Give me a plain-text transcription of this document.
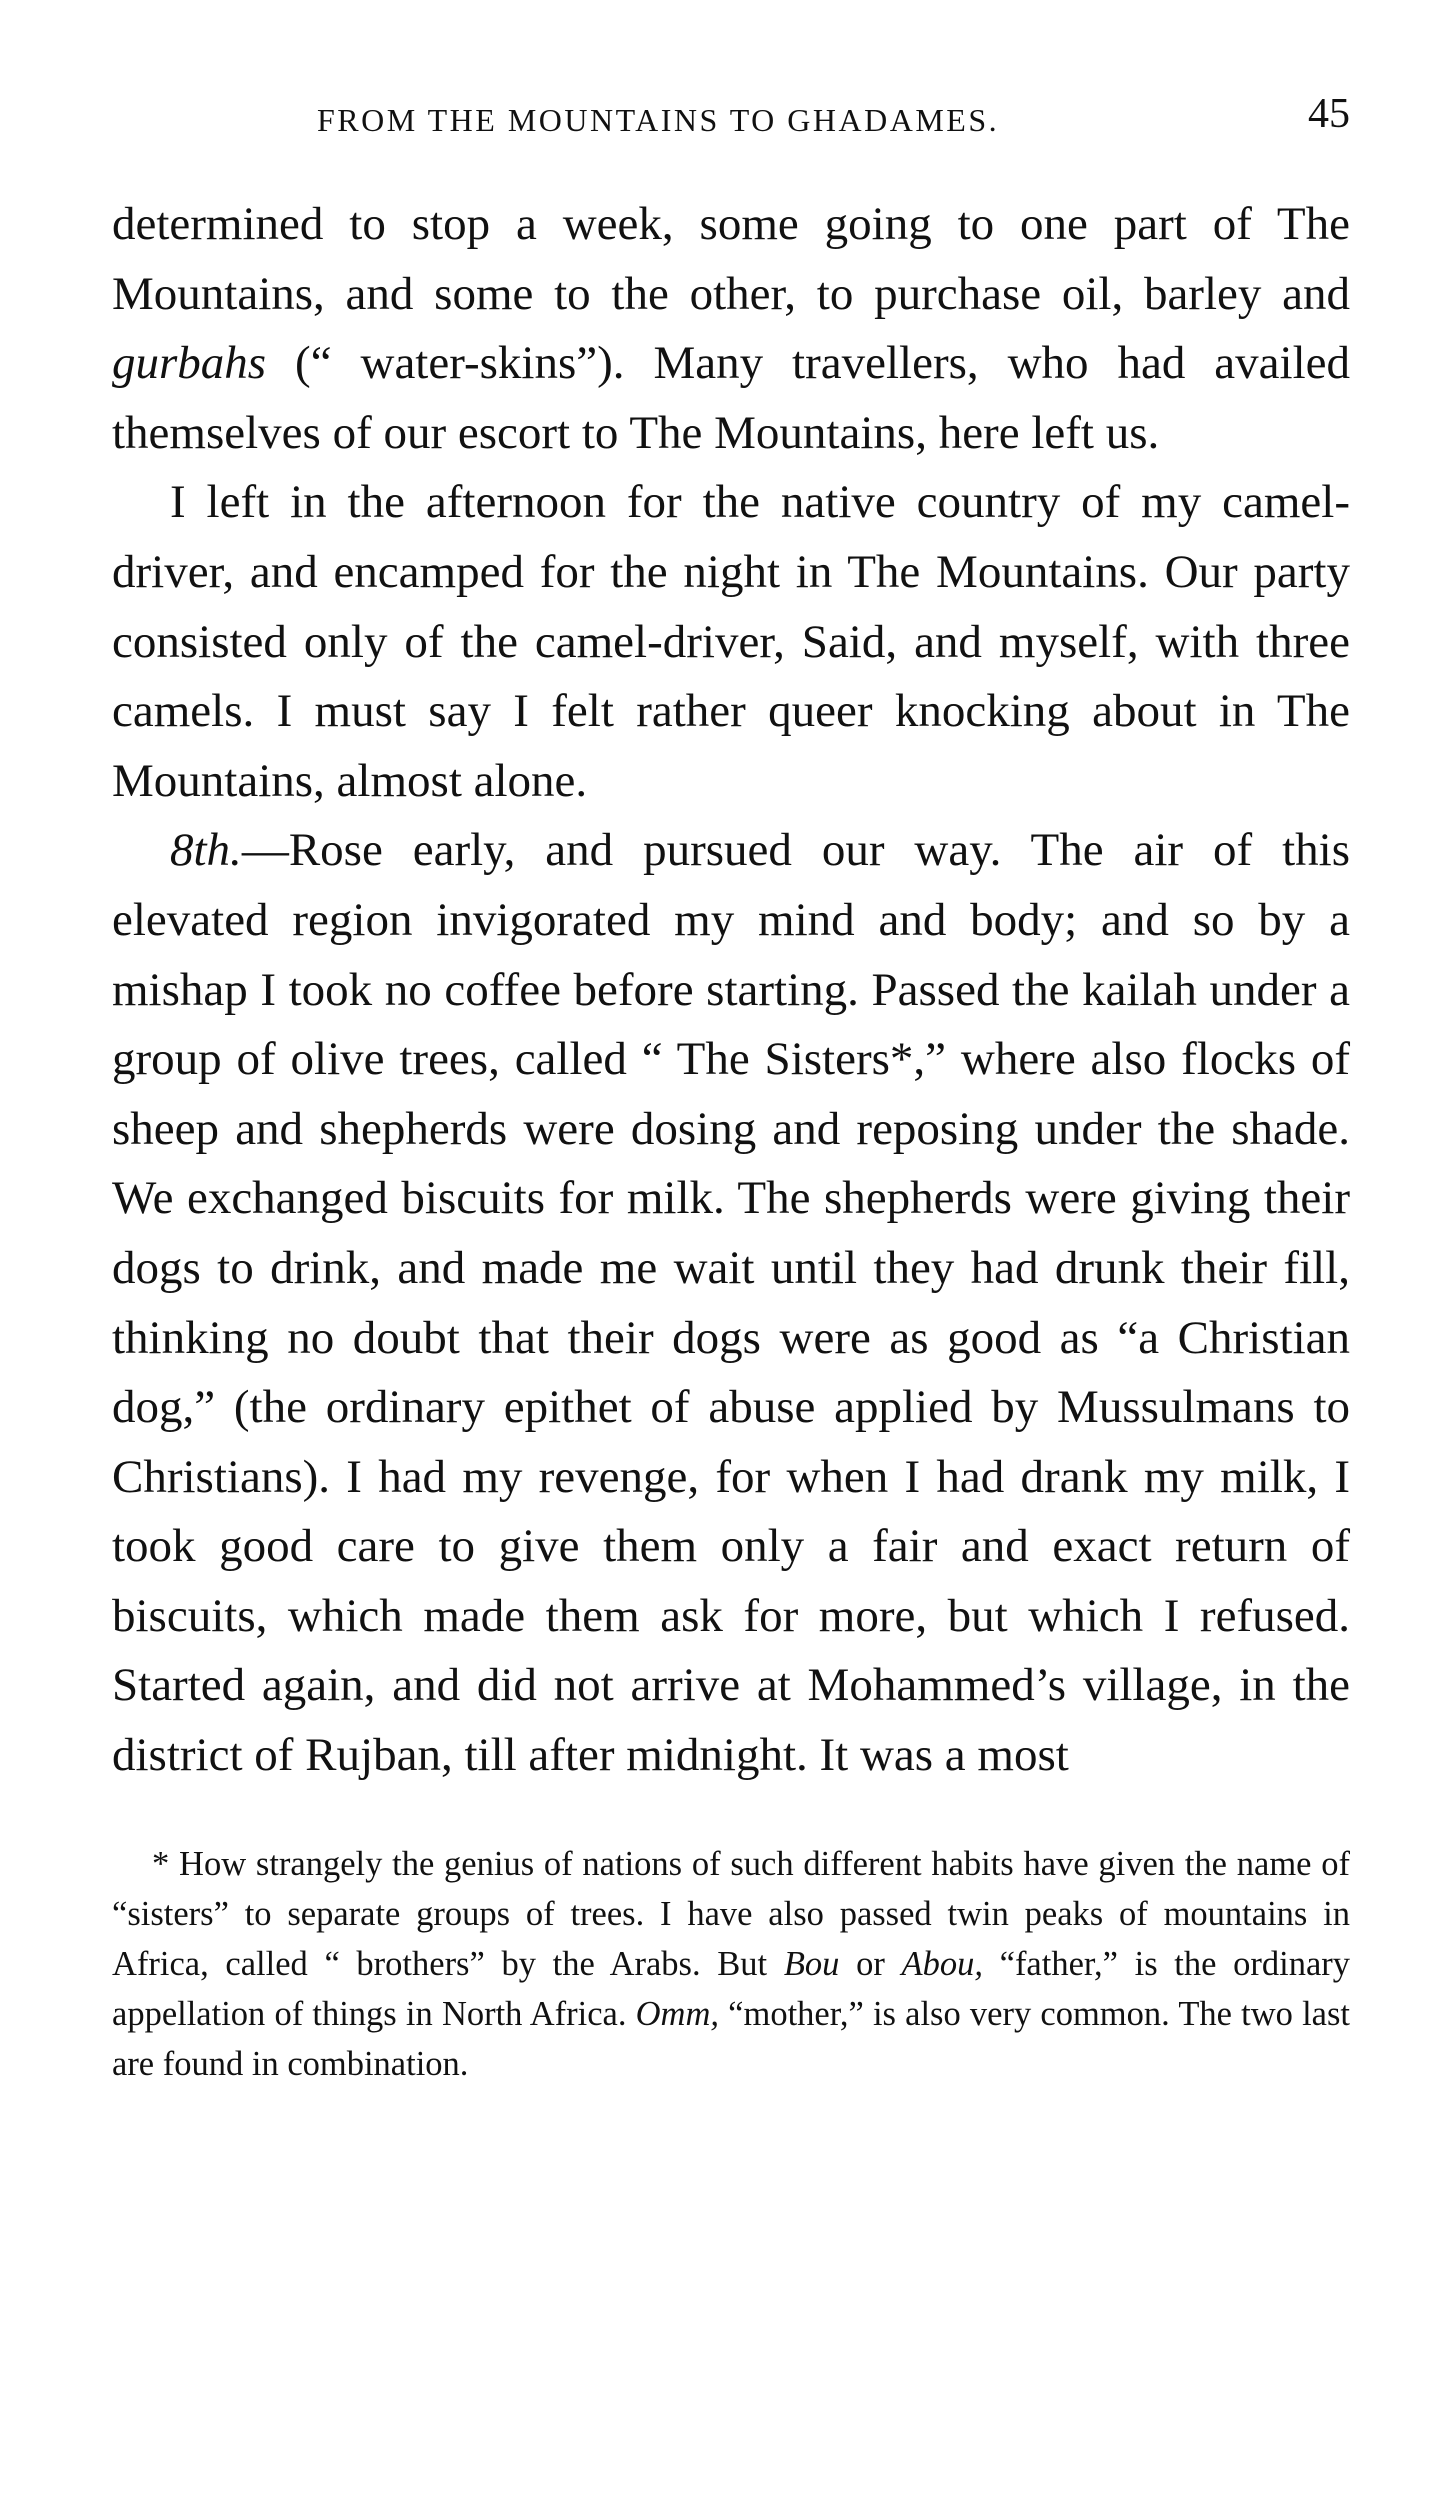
FROM THE MOUNTAINS TO GHADAMES.	45

determined to stop a week, some going to one part of The Mountains, and some to the other, to purchase oil, barley and gurbahs (“ water-skins”). Many travellers, who had availed themselves of our escort to The Mountains, here left us.

I left in the afternoon for the native country of my camel-driver, and encamped for the night in The Mountains. Our party consisted only of the camel-driver, Said, and myself, with three camels. I must say I felt rather queer knocking about in The Mountains, almost alone.

8th.—Rose early, and pursued our way. The air of this elevated region invigorated my mind and body; and so by a mishap I took no coffee before starting. Passed the kailah under a group of olive trees, called “ The Sisters*,” where also flocks of sheep and shepherds were dosing and reposing under the shade. We exchanged biscuits for milk. The shepherds were giving their dogs to drink, and made me wait until they had drunk their fill, thinking no doubt that their dogs were as good as “a Christian dog,” (the ordinary epithet of abuse applied by Mussulmans to Christians). I had my revenge, for when I had drank my milk, I took good care to give them only a fair and exact return of biscuits, which made them ask for more, but which I refused. Started again, and did not arrive at Mohammed’s village, in the district of Rujban, till after midnight. It was a most

* How strangely the genius of nations of such different habits have given the name of “sisters” to separate groups of trees. I have also passed twin peaks of mountains in Africa, called “ brothers” by the Arabs. But Bou or Abou, “father,” is the ordinary appellation of things in North Africa. Omm, “mother,” is also very common. The two last are found in combination.
